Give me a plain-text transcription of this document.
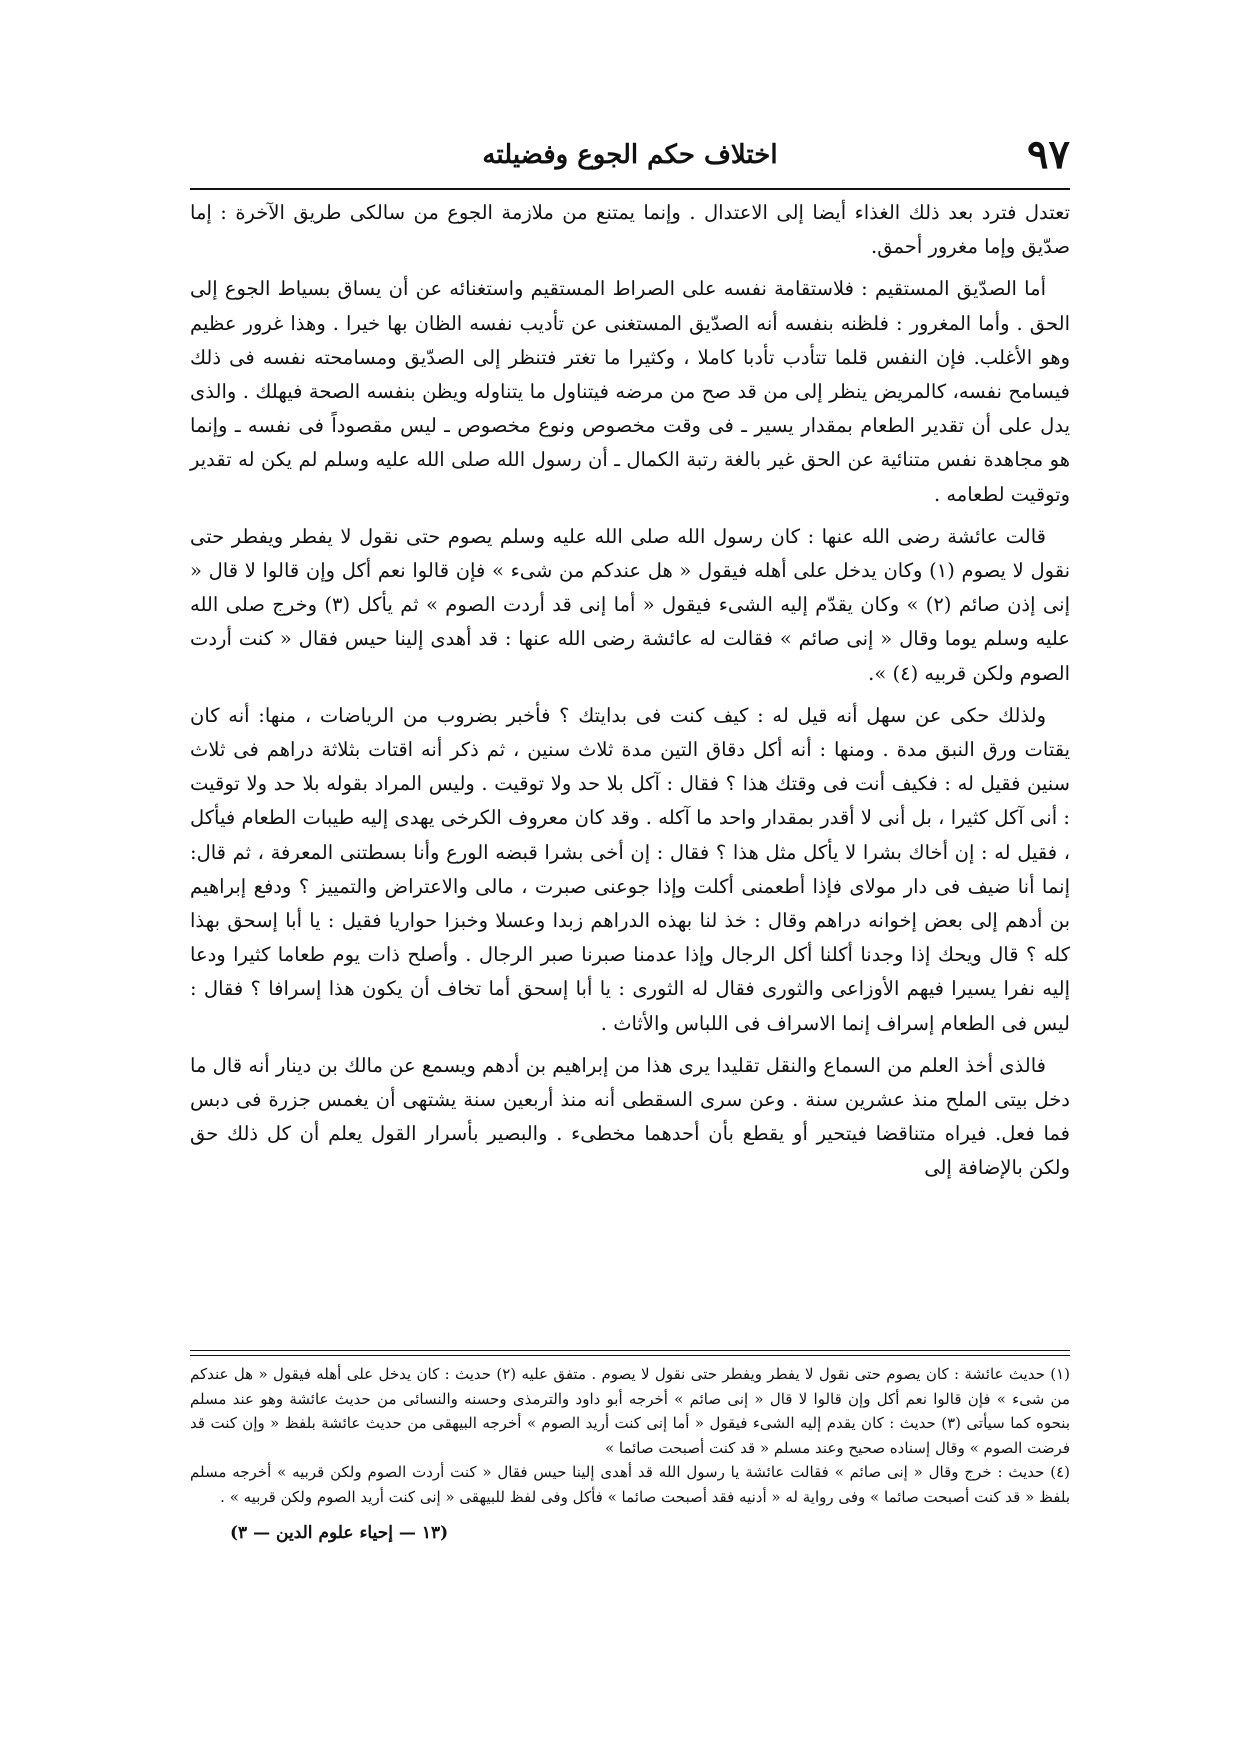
٩٧
اختلاف حكم الجوع وفضيلته

تعتدل فترد بعد ذلك الغذاء أيضا إلى الاعتدال . وإنما يمتنع من ملازمة الجوع من سالكى طريق الآخرة : إما صدّيق وإما مغرور أحمق.

أما الصدّيق المستقيم : فلاستقامة نفسه على الصراط المستقيم واستغنائه عن أن يساق بسياط الجوع إلى الحق . وأما المغرور : فلظنه بنفسه أنه الصدّيق المستغنى عن تأديب نفسه الظان بها خيرا . وهذا غرور عظيم وهو الأغلب. فإن النفس قلما تتأدب تأدبا كاملا ، وكثيرا ما تغتر فتنظر إلى الصدّيق ومسامحته نفسه فى ذلك فيسامح نفسه، كالمريض ينظر إلى من قد صح من مرضه فيتناول ما يتناوله ويظن بنفسه الصحة فيهلك . والذى يدل على أن تقدير الطعام بمقدار يسير ـ فى وقت مخصوص ونوع مخصوص ـ ليس مقصوداً فى نفسه ـ وإنما هو مجاهدة نفس متنائية عن الحق غير بالغة رتبة الكمال ـ أن رسول الله صلى الله عليه وسلم لم يكن له تقدير وتوقيت لطعامه .

قالت عائشة رضى الله عنها : كان رسول الله صلى الله عليه وسلم يصوم حتى نقول لا يفطر ويفطر حتى نقول لا يصوم (١) وكان يدخل على أهله فيقول « هل عندكم من شىء » فإن قالوا نعم أكل وإن قالوا لا قال « إنى إذن صائم (٢) » وكان يقدّم إليه الشىء فيقول « أما إنى قد أردت الصوم » ثم يأكل (٣) وخرج صلى الله عليه وسلم يوما وقال « إنى صائم » فقالت له عائشة رضى الله عنها : قد أهدى إلينا حيس فقال « كنت أردت الصوم ولكن قربيه (٤) ».

ولذلك حكى عن سهل أنه قيل له : كيف كنت فى بدايتك ؟ فأخبر بضروب من الرياضات ، منها: أنه كان يقتات ورق النبق مدة . ومنها : أنه أكل دقاق التين مدة ثلاث سنين ، ثم ذكر أنه اقتات بثلاثة دراهم فى ثلاث سنين فقيل له : فكيف أنت فى وقتك هذا ؟ فقال : آكل بلا حد ولا توقيت . وليس المراد بقوله بلا حد ولا توقيت : أنى آكل كثيرا ، بل أنى لا أقدر بمقدار واحد ما آكله . وقد كان معروف الكرخى يهدى إليه طيبات الطعام فيأكل ، فقيل له : إن أخاك بشرا لا يأكل مثل هذا ؟ فقال : إن أخى بشرا قبضه الورع وأنا بسطتنى المعرفة ، ثم قال: إنما أنا ضيف فى دار مولاى فإذا أطعمنى أكلت وإذا جوعنى صبرت ، مالى والاعتراض والتمييز ؟ ودفع إبراهيم بن أدهم إلى بعض إخوانه دراهم وقال : خذ لنا بهذه الدراهم زبدا وعسلا وخبزا حواريا فقيل : يا أبا إسحق بهذا كله ؟ قال ويحك إذا وجدنا أكلنا أكل الرجال وإذا عدمنا صبرنا صبر الرجال . وأصلح ذات يوم طعاما كثيرا ودعا إليه نفرا يسيرا فيهم الأوزاعى والثورى فقال له الثورى : يا أبا إسحق أما تخاف أن يكون هذا إسرافا ؟ فقال : ليس فى الطعام إسراف إنما الاسراف فى اللباس والأثاث .

فالذى أخذ العلم من السماع والنقل تقليدا يرى هذا من إبراهيم بن أدهم ويسمع عن مالك بن دينار أنه قال ما دخل بيتى الملح منذ عشرين سنة . وعن سرى السقطى أنه منذ أربعين سنة يشتهى أن يغمس جزرة فى دبس فما فعل. فيراه متناقضا فيتحير أو يقطع بأن أحدهما مخطىء . والبصير بأسرار القول يعلم أن كل ذلك حق ولكن بالإضافة إلى

(١) حديث عائشة : كان يصوم حتى نقول لا يفطر ويفطر حتى نقول لا يصوم . متفق عليه (٢) حديث : كان يدخل على أهله فيقول « هل عندكم من شىء » فإن قالوا نعم أكل وإن قالوا لا قال « إنى صائم » أخرجه أبو داود والترمذى وحسنه والنسائى من حديث عائشة وهو عند مسلم بنحوه كما سيأتى (٣) حديث : كان يقدم إليه الشىء فيقول « أما إنى كنت أريد الصوم » أخرجه البيهقى من حديث عائشة بلفظ « وإن كنت قد فرضت الصوم » وقال إسناده صحيح وعند مسلم « قد كنت أصبحت صائما »

(٤) حديث : خرج وقال « إنى صائم » فقالت عائشة يا رسول الله قد أهدى إلينا حيس فقال « كنت أردت الصوم ولكن قربيه » أخرجه مسلم بلفظ « قد كنت أصبحت صائما » وفى رواية له « أدنيه فقد أصبحت صائما » فأكل وفى لفظ للبيهقى « إنى كنت أريد الصوم ولكن قربيه » .

(١٣ — إحياء علوم الدين — ٣)
